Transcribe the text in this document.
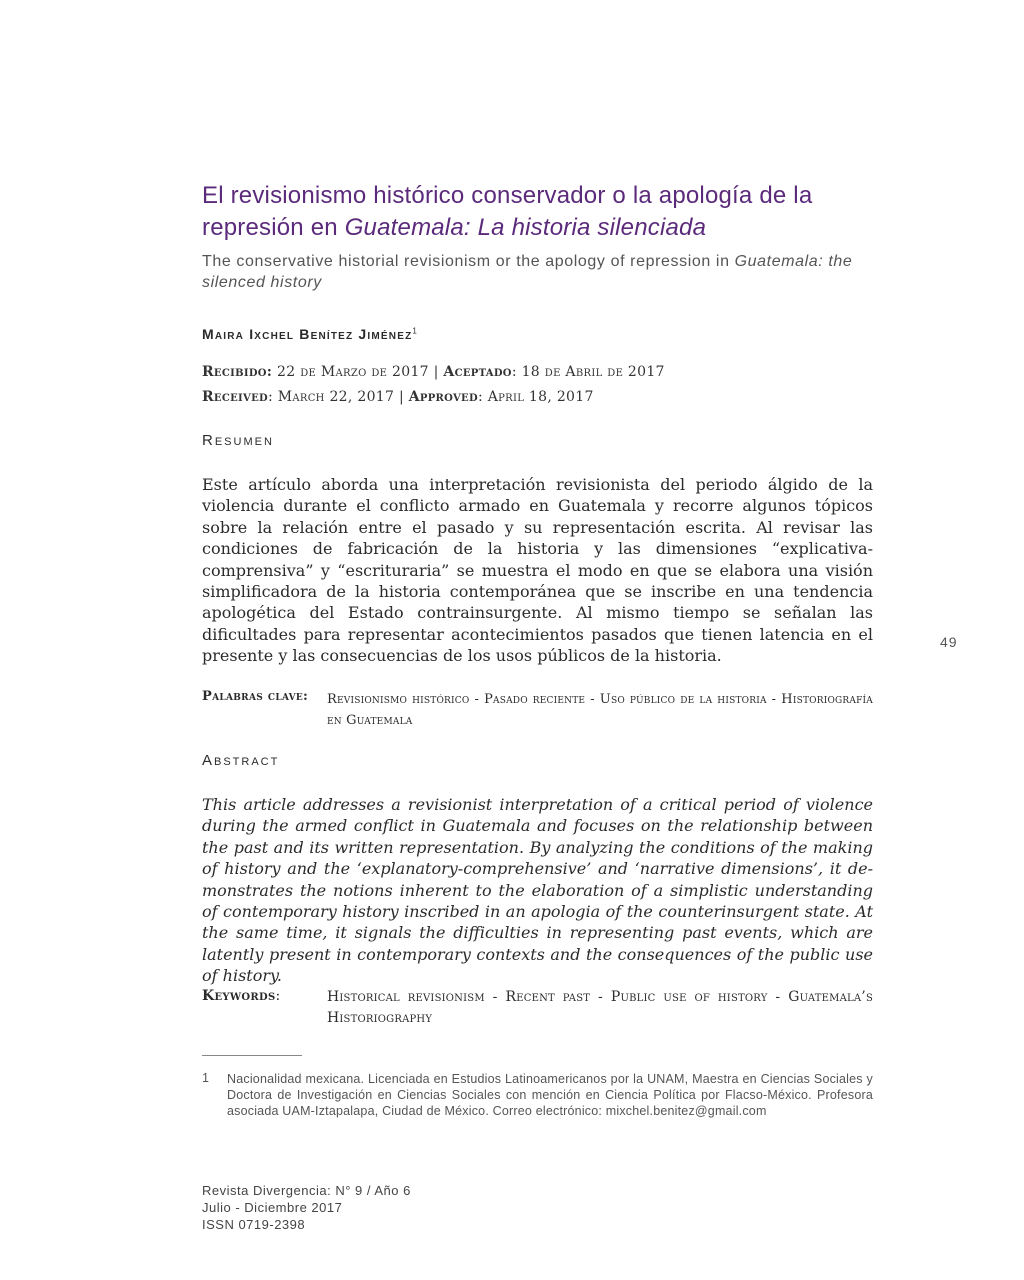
El revisionismo histórico conservador o la apología de la represión en Guatemala: La historia silenciada
The conservative historial revisionism or the apology of repression in Guatemala: the silenced history
Maira Ixchel Benítez Jiménez$^1$
Recibido: 22 de Marzo de 2017 | Aceptado: 18 de Abril de 2017
Received: March 22, 2017 | Approved: April 18, 2017
Resumen
Este artículo aborda una interpretación revisionista del periodo álgido de la violencia durante el conflicto armado en Guatemala y recorre algunos tópicos sobre la relación entre el pasado y su representación escrita. Al revisar las condiciones de fabricación de la historia y las dimensiones “explicativa-comprensiva” y “escrituraria” se muestra el modo en que se elabora una visión simplificadora de la historia contemporánea que se inscribe en una tendencia apologética del Estado contrainsurgente. Al mismo tiempo se señalan las dificultades para representar acontecimientos pasados que tienen latencia en el presente y las consecuencias de los usos públicos de la historia.
Palabras clave: Revisionismo histórico - Pasado reciente - Uso público de la historia - Historiografía en Guatemala
49
Abstract
This article addresses a revisionist interpretation of a critical period of violence during the armed conflict in Guatemala and focuses on the relationship between the past and its written representation. By analyzing the conditions of the making of history and the ‘explanatory-comprehensive’ and ‘narrative dimensions’, it de-monstrates the notions inherent to the elaboration of a simplistic understanding of contemporary history inscribed in an apologia of the counterinsurgent state. At the same time, it signals the difficulties in representing past events, which are latently present in contemporary contexts and the consequences of the public use of history.
Keywords:	Historical revisionism - Recent past - Public use of history - Guatemala’s Historiography
1 Nacionalidad mexicana. Licenciada en Estudios Latinoamericanos por la UNAM, Maestra en Ciencias Sociales y Doctora de Investigación en Ciencias Sociales con mención en Ciencia Política por Flacso-México. Profesora asociada UAM-Iztapalapa, Ciudad de México. Correo electrónico: mixchel.benitez@gmail.com
Revista Divergencia: N° 9 / Año 6
Julio - Diciembre 2017
ISSN 0719-2398
